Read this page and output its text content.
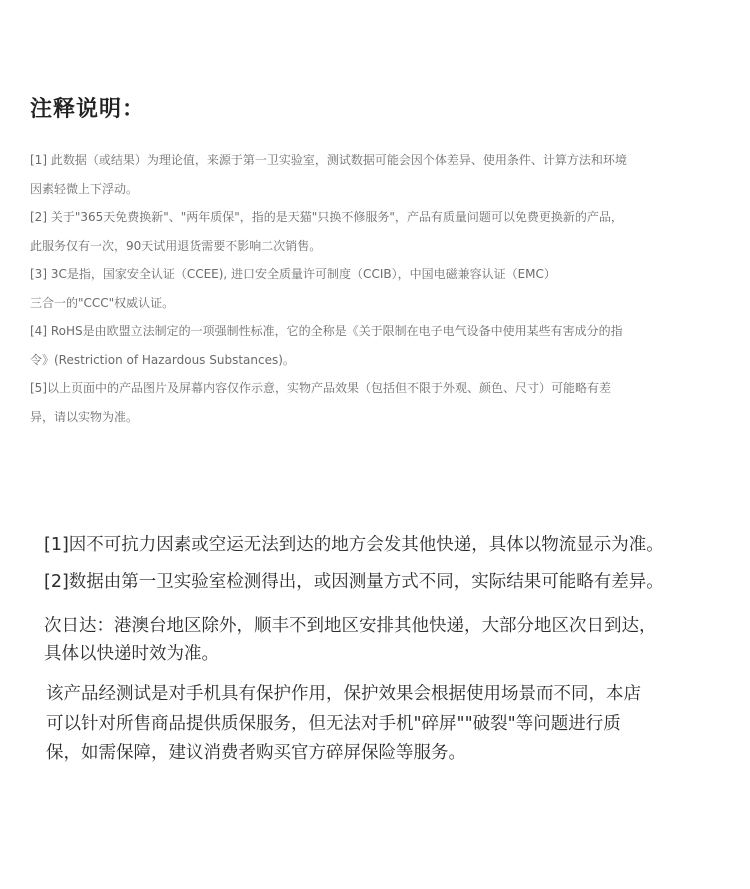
注释说明：
[1] 此数据（或结果）为理论值，来源于第一卫实验室，测试数据可能会因个体差异、使用条件、计算方法和环境
因素轻微上下浮动。
[2] 关于"365天免费换新"、"两年质保"，指的是天猫"只换不修服务"，产品有质量问题可以免费更换新的产品，
此服务仅有一次，90天试用退货需要不影响二次销售。
[3] 3C是指，国家安全认证（CCEE), 进口安全质量许可制度（CCIB），中国电磁兼容认证（EMC）
三合一的"CCC"权威认证。
[4] RoHS是由欧盟立法制定的一项强制性标准，它的全称是《关于限制在电子电气设备中使用某些有害成分的指
令》(Restriction of Hazardous Substances)。
[5]以上页面中的产品图片及屏幕内容仅作示意，实物产品效果（包括但不限于外观、颜色、尺寸）可能略有差
异，请以实物为准。

[1]因不可抗力因素或空运无法到达的地方会发其他快递，具体以物流显示为准。

[2]数据由第一卫实验室检测得出，或因测量方式不同，实际结果可能略有差异。

次日达：港澳台地区除外，顺丰不到地区安排其他快递，大部分地区次日到达，
具体以快递时效为准。

该产品经测试是对手机具有保护作用，保护效果会根据使用场景而不同，本店
可以针对所售商品提供质保服务，但无法对手机"碎屏""破裂"等问题进行质
保，如需保障，建议消费者购买官方碎屏保险等服务。
